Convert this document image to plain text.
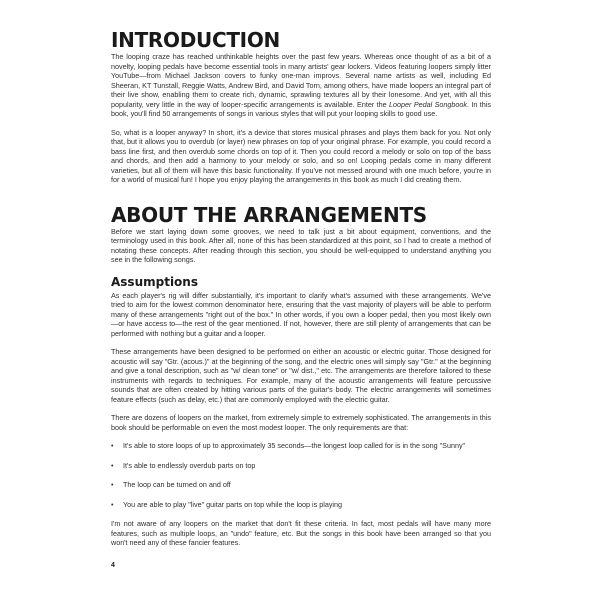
INTRODUCTION

The looping craze has reached unthinkable heights over the past few years. Whereas once thought of as a bit of a novelty, looping pedals have become essential tools in many artists' gear lockers. Videos featuring loopers simply litter YouTube—from Michael Jackson covers to funky one-man improvs. Several name artists as well, including Ed Sheeran, KT Tunstall, Reggie Watts, Andrew Bird, and David Torn, among others, have made loopers an integral part of their live show, enabling them to create rich, dynamic, sprawling textures all by their lonesome. And yet, with all this popularity, very little in the way of looper-specific arrangements is available. Enter the Looper Pedal Songbook. In this book, you'll find 50 arrangements of songs in various styles that will put your looping skills to good use.

So, what is a looper anyway? In short, it's a device that stores musical phrases and plays them back for you. Not only that, but it allows you to overdub (or layer) new phrases on top of your original phrase. For example, you could record a bass line first, and then overdub some chords on top of it. Then you could record a melody or solo on top of the bass and chords, and then add a harmony to your melody or solo, and so on! Looping pedals come in many different varieties, but all of them will have this basic functionality. If you've not messed around with one much before, you're in for a world of musical fun! I hope you enjoy playing the arrangements in this book as much I did creating them.

ABOUT THE ARRANGEMENTS

Before we start laying down some grooves, we need to talk just a bit about equipment, conventions, and the terminology used in this book. After all, none of this has been standardized at this point, so I had to create a method of notating these concepts. After reading through this section, you should be well-equipped to understand anything you see in the following songs.

Assumptions

As each player's rig will differ substantially, it's important to clarify what's assumed with these arrangements. We've tried to aim for the lowest common denominator here, ensuring that the vast majority of players will be able to perform many of these arrangements "right out of the box." In other words, if you own a looper pedal, then you most likely own—or have access to—the rest of the gear mentioned. If not, however, there are still plenty of arrangements that can be performed with nothing but a guitar and a looper.

These arrangements have been designed to be performed on either an acoustic or electric guitar. Those designed for acoustic will say "Gtr. (acous.)" at the beginning of the song, and the electric ones will simply say "Gtr." at the beginning and give a tonal description, such as "w/ clean tone" or "w/ dist.," etc. The arrangements are therefore tailored to these instruments with regards to techniques. For example, many of the acoustic arrangements will feature percussive sounds that are often created by hitting various parts of the guitar's body. The electric arrangements will sometimes feature effects (such as delay, etc.) that are commonly employed with the electric guitar.

There are dozens of loopers on the market, from extremely simple to extremely sophisticated. The arrangements in this book should be performable on even the most modest looper. The only requirements are that:

•	It's able to store loops of up to approximately 35 seconds—the longest loop called for is in the song "Sunny"
•	It's able to endlessly overdub parts on top
•	The loop can be turned on and off
•	You are able to play "live" guitar parts on top while the loop is playing

I'm not aware of any loopers on the market that don't fit these criteria. In fact, most pedals will have many more features, such as multiple loops, an "undo" feature, etc. But the songs in this book have been arranged so that you won't need any of these fancier features.

4
